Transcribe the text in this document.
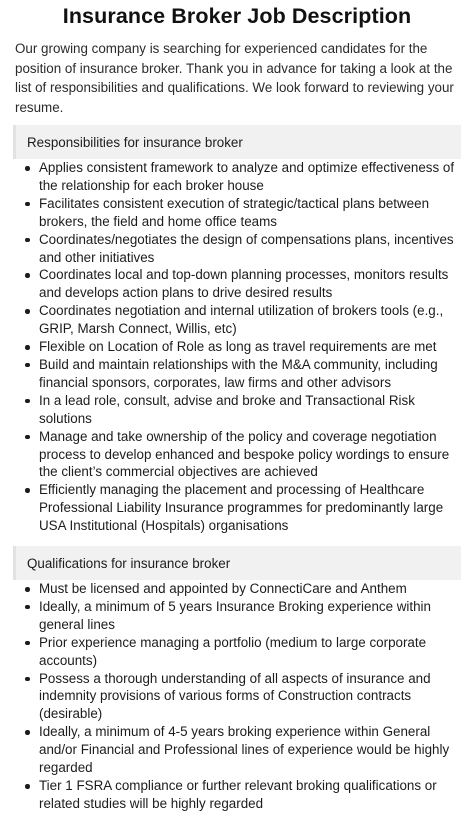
Insurance Broker Job Description

Our growing company is searching for experienced candidates for the position of insurance broker. Thank you in advance for taking a look at the list of responsibilities and qualifications. We look forward to reviewing your resume.

Responsibilities for insurance broker
Applies consistent framework to analyze and optimize effectiveness of the relationship for each broker house
Facilitates consistent execution of strategic/tactical plans between brokers, the field and home office teams
Coordinates/negotiates the design of compensations plans, incentives and other initiatives
Coordinates local and top-down planning processes, monitors results and develops action plans to drive desired results
Coordinates negotiation and internal utilization of brokers tools (e.g., GRIP, Marsh Connect, Willis, etc)
Flexible on Location of Role as long as travel requirements are met
Build and maintain relationships with the M&A community, including financial sponsors, corporates, law firms and other advisors
In a lead role, consult, advise and broke and Transactional Risk solutions
Manage and take ownership of the policy and coverage negotiation process to develop enhanced and bespoke policy wordings to ensure the client’s commercial objectives are achieved
Efficiently managing the placement and processing of Healthcare Professional Liability Insurance programmes for predominantly large USA Institutional (Hospitals) organisations
Qualifications for insurance broker
Must be licensed and appointed by ConnectiCare and Anthem
Ideally, a minimum of 5 years Insurance Broking experience within general lines
Prior experience managing a portfolio (medium to large corporate accounts)
Possess a thorough understanding of all aspects of insurance and indemnity provisions of various forms of Construction contracts (desirable)
Ideally, a minimum of 4-5 years broking experience within General and/or Financial and Professional lines of experience would be highly regarded
Tier 1 FSRA compliance or further relevant broking qualifications or related studies will be highly regarded
